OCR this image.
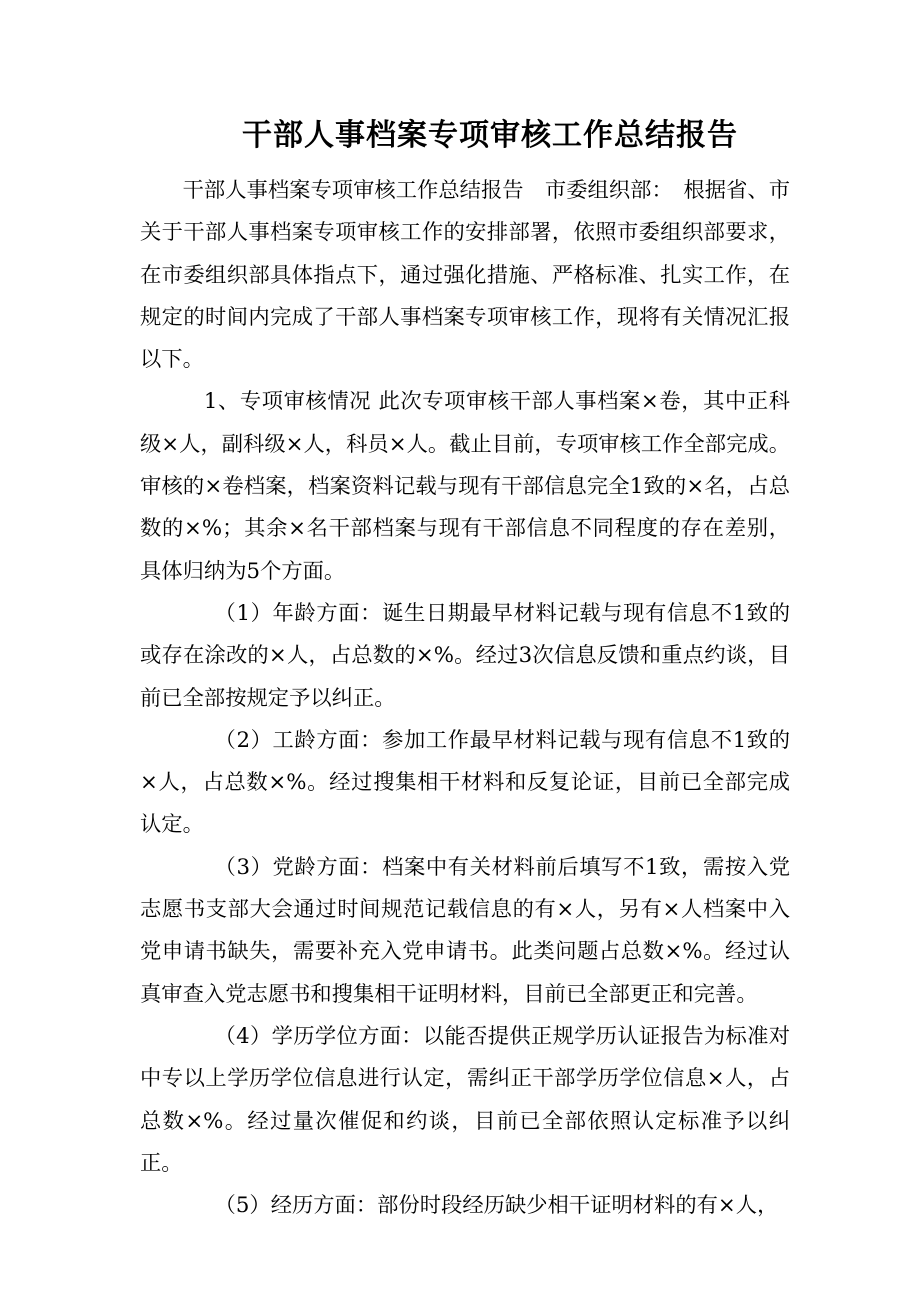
干部人事档案专项审核工作总结报告

干部人事档案专项审核工作总结报告　市委组织部：　根据省、市关于干部人事档案专项审核工作的安排部署，依照市委组织部要求，在市委组织部具体指点下，通过强化措施、严格标准、扎实工作，在规定的时间内完成了干部人事档案专项审核工作，现将有关情况汇报以下。

1、专项审核情况 此次专项审核干部人事档案×卷，其中正科级×人，副科级×人，科员×人。截止目前，专项审核工作全部完成。审核的×卷档案，档案资料记载与现有干部信息完全1致的×名，占总数的×%；其余×名干部档案与现有干部信息不同程度的存在差别，具体归纳为5个方面。

（1）年龄方面：诞生日期最早材料记载与现有信息不1致的或存在涂改的×人，占总数的×%。经过3次信息反馈和重点约谈，目前已全部按规定予以纠正。

（2）工龄方面：参加工作最早材料记载与现有信息不1致的×人，占总数×%。经过搜集相干材料和反复论证，目前已全部完成认定。

（3）党龄方面：档案中有关材料前后填写不1致，需按入党志愿书支部大会通过时间规范记载信息的有×人，另有×人档案中入党申请书缺失，需要补充入党申请书。此类问题占总数×%。经过认真审查入党志愿书和搜集相干证明材料，目前已全部更正和完善。

（4）学历学位方面：以能否提供正规学历认证报告为标准对中专以上学历学位信息进行认定，需纠正干部学历学位信息×人，占总数×%。经过量次催促和约谈，目前已全部依照认定标准予以纠正。

（5）经历方面：部份时段经历缺少相干证明材料的有×人，
